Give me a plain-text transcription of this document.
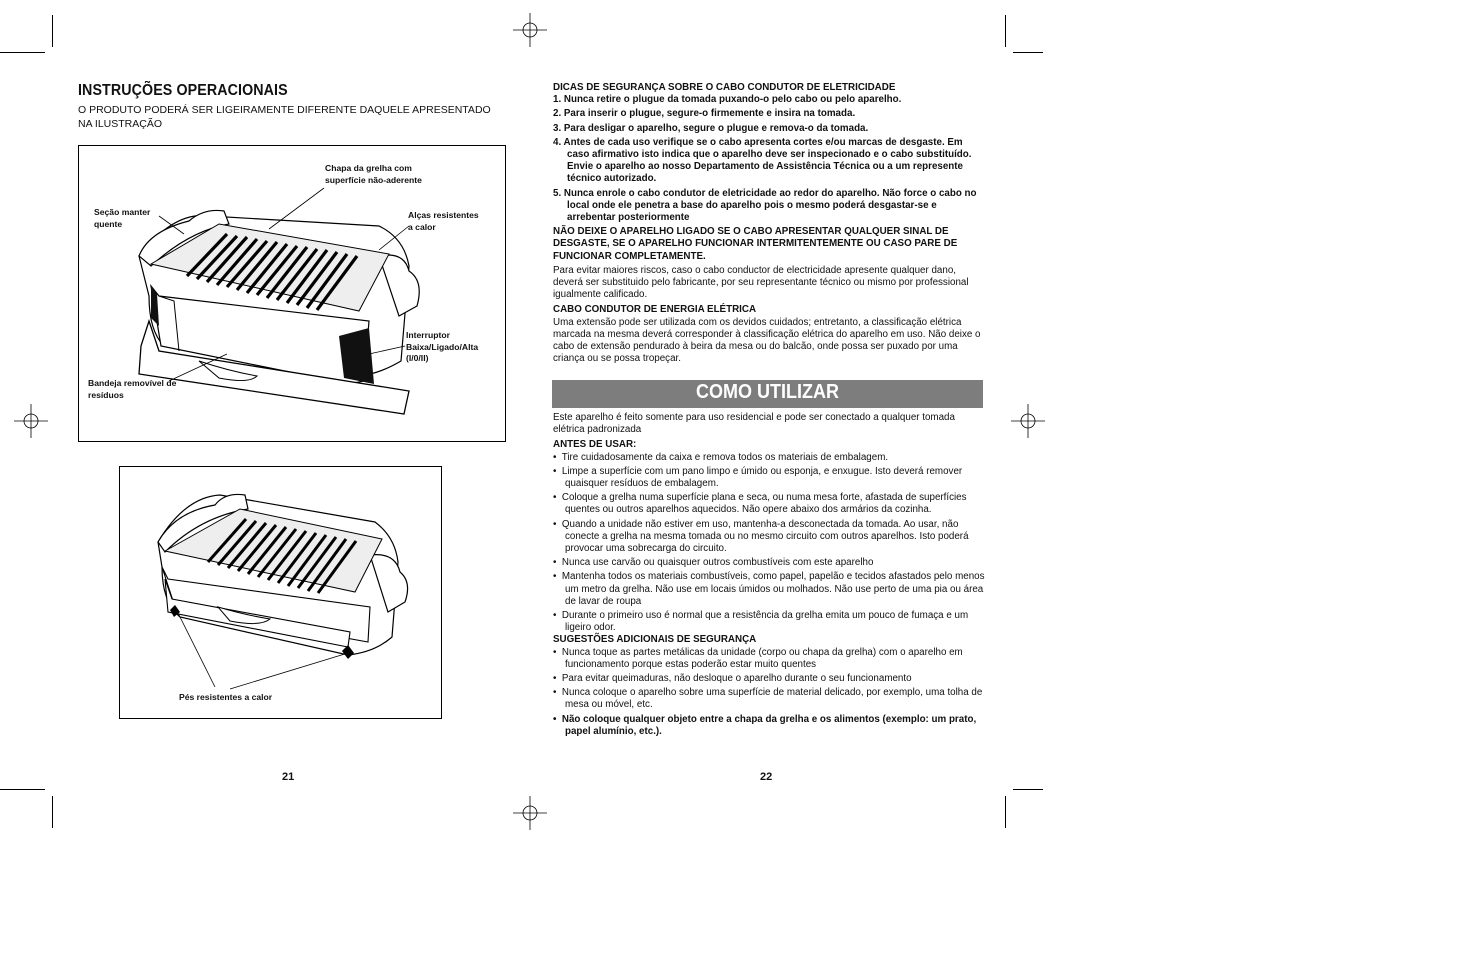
INSTRUÇÕES OPERACIONAIS
O PRODUTO PODERÁ SER LIGEIRAMENTE DIFERENTE DAQUELE APRESENTADO NA ILUSTRAÇÃO
Chapa da grelha com
superfície não-aderente
Seção manter
quente
Alças resistentes
a calor
Interruptor
Baixa/Ligado/Alta
(I/0/II)
Bandeja removível de
resíduos
Pés resistentes a calor
21

DICAS DE SEGURANÇA SOBRE O CABO CONDUTOR DE ELETRICIDADE

1. Nunca retire o plugue da tomada puxando-o pelo cabo ou pelo aparelho.

2. Para inserir o plugue, segure-o firmemente e insira na tomada.

3. Para desligar o aparelho, segure o plugue e remova-o da tomada.

4. Antes de cada uso verifique se o cabo apresenta cortes e/ou marcas de desgaste. Em caso afirmativo isto indica que o aparelho deve ser inspecionado e o cabo substituído. Envie o aparelho ao nosso Departamento de Assistência Técnica ou a um represente técnico autorizado.

5. Nunca enrole o cabo condutor de eletricidade ao redor do aparelho. Não force o cabo no local onde ele penetra a base do aparelho pois o mesmo poderá desgastar-se e arrebentar posteriormente

NÃO DEIXE O APARELHO LIGADO SE O CABO APRESENTAR QUALQUER SINAL DE DESGASTE, SE O APARELHO FUNCIONAR INTERMITENTEMENTE OU CASO PARE DE FUNCIONAR COMPLETAMENTE.

Para evitar maiores riscos, caso o cabo conductor de electricidade apresente qualquer dano, deverá ser substituido pelo fabricante, por seu representante técnico ou mismo por professional igualmente calificado.

CABO CONDUTOR DE ENERGIA ELÉTRICA

Uma extensão pode ser utilizada com os devidos cuidados; entretanto, a classificação elétrica marcada na mesma deverá corresponder à classificação elétrica do aparelho em uso. Não deixe o cabo de extensão pendurado à beira da mesa ou do balcão, onde possa ser puxado por uma criança ou se possa tropeçar.

COMO UTILIZAR

Este aparelho é feito somente para uso residencial e pode ser conectado a qualquer tomada elétrica padronizada

ANTES DE USAR:

• Tire cuidadosamente da caixa e remova todos os materiais de embalagem.

• Limpe a superfície com um pano limpo e úmido ou esponja, e enxugue. Isto deverá remover quaisquer resíduos de embalagem.

• Coloque a grelha numa superfície plana e seca, ou numa mesa forte, afastada de superfícies quentes ou outros aparelhos aquecidos. Não opere abaixo dos armários da cozinha.

• Quando a unidade não estiver em uso, mantenha-a desconectada da tomada. Ao usar, não conecte a grelha na mesma tomada ou no mesmo circuito com outros aparelhos. Isto poderá provocar uma sobrecarga do circuito.

• Nunca use carvão ou quaisquer outros combustíveis com este aparelho

• Mantenha todos os materiais combustíveis, como papel, papelão e tecidos afastados pelo menos um metro da grelha. Não use em locais úmidos ou molhados. Não use perto de uma pia ou área de lavar de roupa

• Durante o primeiro uso é normal que a resistência da grelha emita um pouco de fumaça e um ligeiro odor.

SUGESTÕES ADICIONAIS DE SEGURANÇA

• Nunca toque as partes metálicas da unidade (corpo ou chapa da grelha) com o aparelho em funcionamento porque estas poderão estar muito quentes

• Para evitar queimaduras, não desloque o aparelho durante o seu funcionamento

• Nunca coloque o aparelho sobre uma superfície de material delicado, por exemplo, uma tolha de mesa ou móvel, etc.

• Não coloque qualquer objeto entre a chapa da grelha e os alimentos (exemplo: um prato, papel alumínio, etc.).

22
